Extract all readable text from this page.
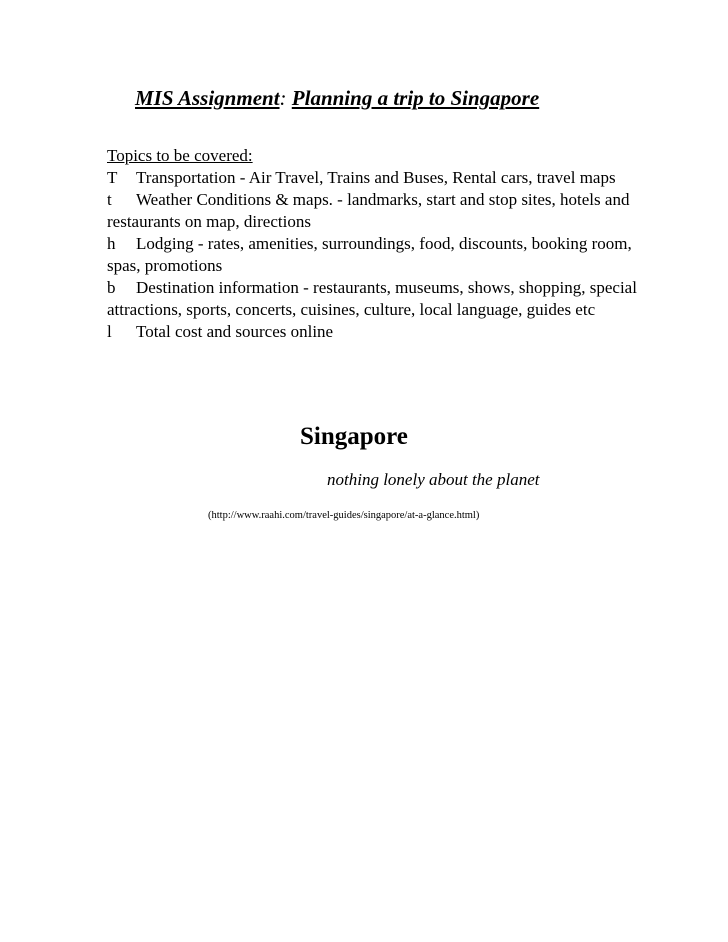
MIS Assignment: Planning a trip to Singapore
Topics to be covered:
T Transportation - Air Travel, Trains and Buses, Rental cars, travel maps
t Weather Conditions & maps. - landmarks, start and stop sites, hotels and restaurants on map, directions
h Lodging - rates, amenities, surroundings, food, discounts, booking room, spas, promotions
b Destination information - restaurants, museums, shows, shopping, special attractions, sports, concerts, cuisines, culture, local language, guides etc
l Total cost and sources online
Singapore
nothing lonely about the planet
(http://www.raahi.com/travel-guides/singapore/at-a-glance.html)
